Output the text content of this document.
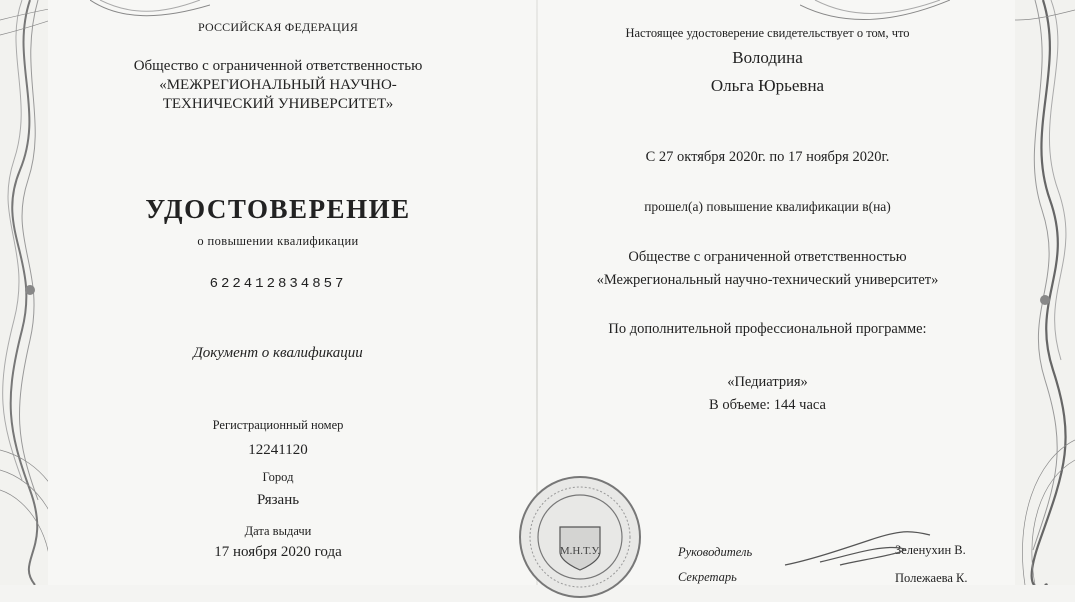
РОССИЙСКАЯ ФЕДЕРАЦИЯ
Общество с ограниченной ответственностью
«МЕЖРЕГИОНАЛЬНЫЙ НАУЧНО-
ТЕХНИЧЕСКИЙ УНИВЕРСИТЕТ»
УДОСТОВЕРЕНИЕ
о повышении квалификации
622412834857
Документ о квалификации
Регистрационный номер
12241120
Город
Рязань
Дата выдачи
17 ноября 2020 года
Настоящее удостоверение свидетельствует о том, что
Володина
Ольга Юрьевна
С 27 октября 2020г. по 17 ноября 2020г.
прошел(а) повышение квалификации в(на)
Обществе с ограниченной ответственностью
«Межрегиональный научно-технический университет»
По дополнительной профессиональной программе:
«Педиатрия»
В объеме: 144 часа
М.Н.Т.У.	Руководитель	Зеленухин В.
Секретарь	Полежаева К.
